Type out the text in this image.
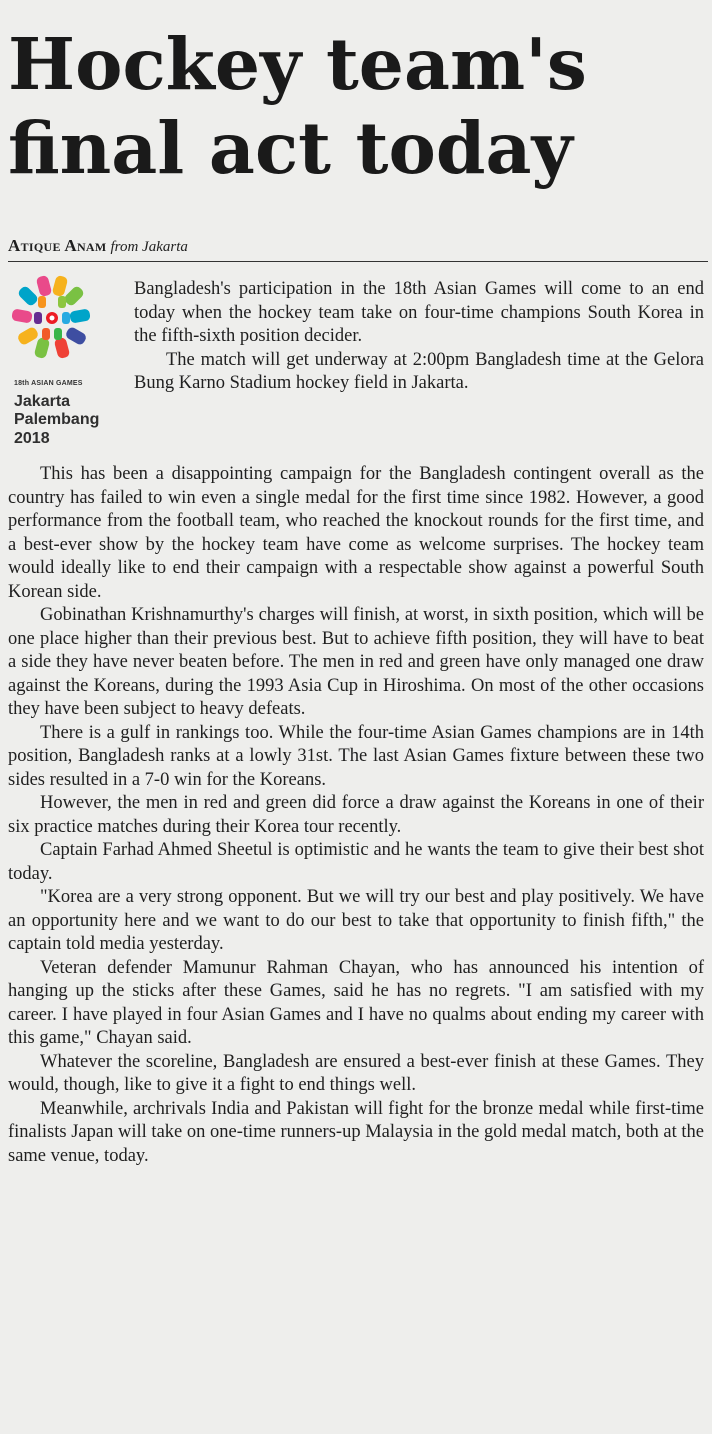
Hockey team's final act today
Atique Anam from Jakarta
18th ASIAN GAMES
Jakarta
Palembang
2018

Bangladesh's participation in the 18th Asian Games will come to an end today when the hockey team take on four-time champions South Korea in the fifth-sixth position decider.

The match will get underway at 2:00pm Bangladesh time at the Gelora Bung Karno Stadium hockey field in Jakarta.

This has been a disappointing campaign for the Bangladesh contingent overall as the country has failed to win even a single medal for the first time since 1982. However, a good performance from the football team, who reached the knockout rounds for the first time, and a best-ever show by the hockey team have come as welcome surprises. The hockey team would ideally like to end their campaign with a respectable show against a powerful South Korean side.

Gobinathan Krishnamurthy's charges will finish, at worst, in sixth position, which will be one place higher than their previous best. But to achieve fifth position, they will have to beat a side they have never beaten before. The men in red and green have only managed one draw against the Koreans, during the 1993 Asia Cup in Hiroshima. On most of the other occasions they have been subject to heavy defeats.

There is a gulf in rankings too. While the four-time Asian Games champions are in 14th position, Bangladesh ranks at a lowly 31st. The last Asian Games fixture between these two sides resulted in a 7-0 win for the Koreans.

However, the men in red and green did force a draw against the Koreans in one of their six practice matches during their Korea tour recently.

Captain Farhad Ahmed Sheetul is optimistic and he wants the team to give their best shot today.

"Korea are a very strong opponent. But we will try our best and play positively. We have an opportunity here and we want to do our best to take that opportunity to finish fifth," the captain told media yesterday.

Veteran defender Mamunur Rahman Chayan, who has announced his intention of hanging up the sticks after these Games, said he has no regrets. "I am satisfied with my career. I have played in four Asian Games and I have no qualms about ending my career with this game," Chayan said.

Whatever the scoreline, Bangladesh are ensured a best-ever finish at these Games. They would, though, like to give it a fight to end things well.

Meanwhile, archrivals India and Pakistan will fight for the bronze medal while first-time finalists Japan will take on one-time runners-up Malaysia in the gold medal match, both at the same venue, today.
